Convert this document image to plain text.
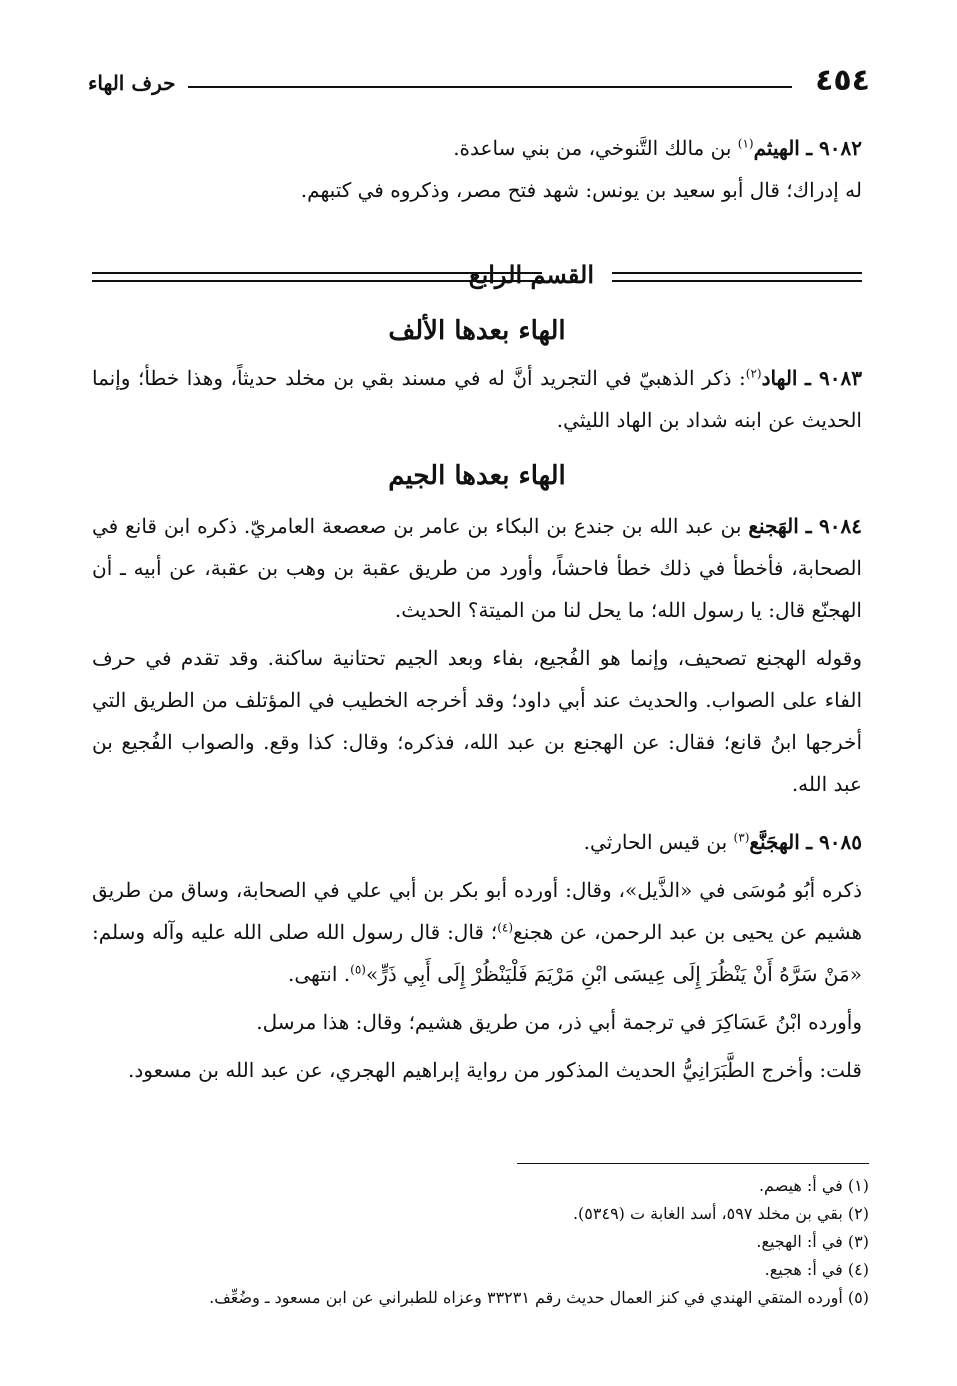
٤٥٤
حرف الهاء

٩٠٨٢ ـ الهيثم$^{(١)}$ بن مالك التَّنوخي، من بني ساعدة.

له إدراك؛ قال أبو سعيد بن يونس: شهد فتح مصر، وذكروه في كتبهم.

القسم الرابع
الهاء بعدها الألف

٩٠٨٣ ـ الهاد$^{(٢)}$: ذكر الذهبيّ في التجريد أنَّ له في مسند بقي بن مخلد حديثاً، وهذا خطأ؛ وإنما الحديث عن ابنه شداد بن الهاد الليثي.

الهاء بعدها الجيم

٩٠٨٤ ـ الهَجنع بن عبد الله بن جندع بن البكاء بن عامر بن صعصعة العامريّ. ذكره ابن قانع في الصحابة، فأخطأ في ذلك خطأ فاحشاً، وأورد من طريق عقبة بن وهب بن عقبة، عن أبيه ـ أن الهجنّع قال: يا رسول الله؛ ما يحل لنا من الميتة؟ الحديث.

وقوله الهجنع تصحيف، وإنما هو الفُجيع، بفاء وبعد الجيم تحتانية ساكنة. وقد تقدم في حرف الفاء على الصواب. والحديث عند أبي داود؛ وقد أخرجه الخطيب في المؤتلف من الطريق التي أخرجها ابنُ قانع؛ فقال: عن الهجنع بن عبد الله، فذكره؛ وقال: كذا وقع. والصواب الفُجيع بن عبد الله.

٩٠٨٥ ـ الهجَنَّع$^{(٣)}$ بن قيس الحارثي.

ذكره أبُو مُوسَى في «الذَّيل»، وقال: أورده أبو بكر بن أبي علي في الصحابة، وساق من طريق هشيم عن يحيى بن عبد الرحمن، عن هجنع$^{(٤)}$؛ قال: قال رسول الله صلى الله عليه وآله وسلم: «مَنْ سَرَّهُ أَنْ يَنْظُرَ إِلَى عِيسَى ابْنِ مَرْيَمَ فَلْيَنْظُرْ إِلَى أَبِي ذَرٍّ»$^{(٥)}$. انتهى.

وأورده ابْنُ عَسَاكِرَ في ترجمة أبي ذر، من طريق هشيم؛ وقال: هذا مرسل.

قلت: وأخرج الطَّبَرَانِيُّ الحديث المذكور من رواية إبراهيم الهجري، عن عبد الله بن مسعود.

(١) في أ: هيصم.

(٢) بقي بن مخلد ٥٩٧، أسد الغابة ت (٥٣٤٩).

(٣) في أ: الهجيع.

(٤) في أ: هجيع.

(٥) أورده المتقي الهندي في كنز العمال حديث رقم ٣٣٢٣١ وعزاه للطبراني عن ابن مسعود ـ وضُعِّف.
